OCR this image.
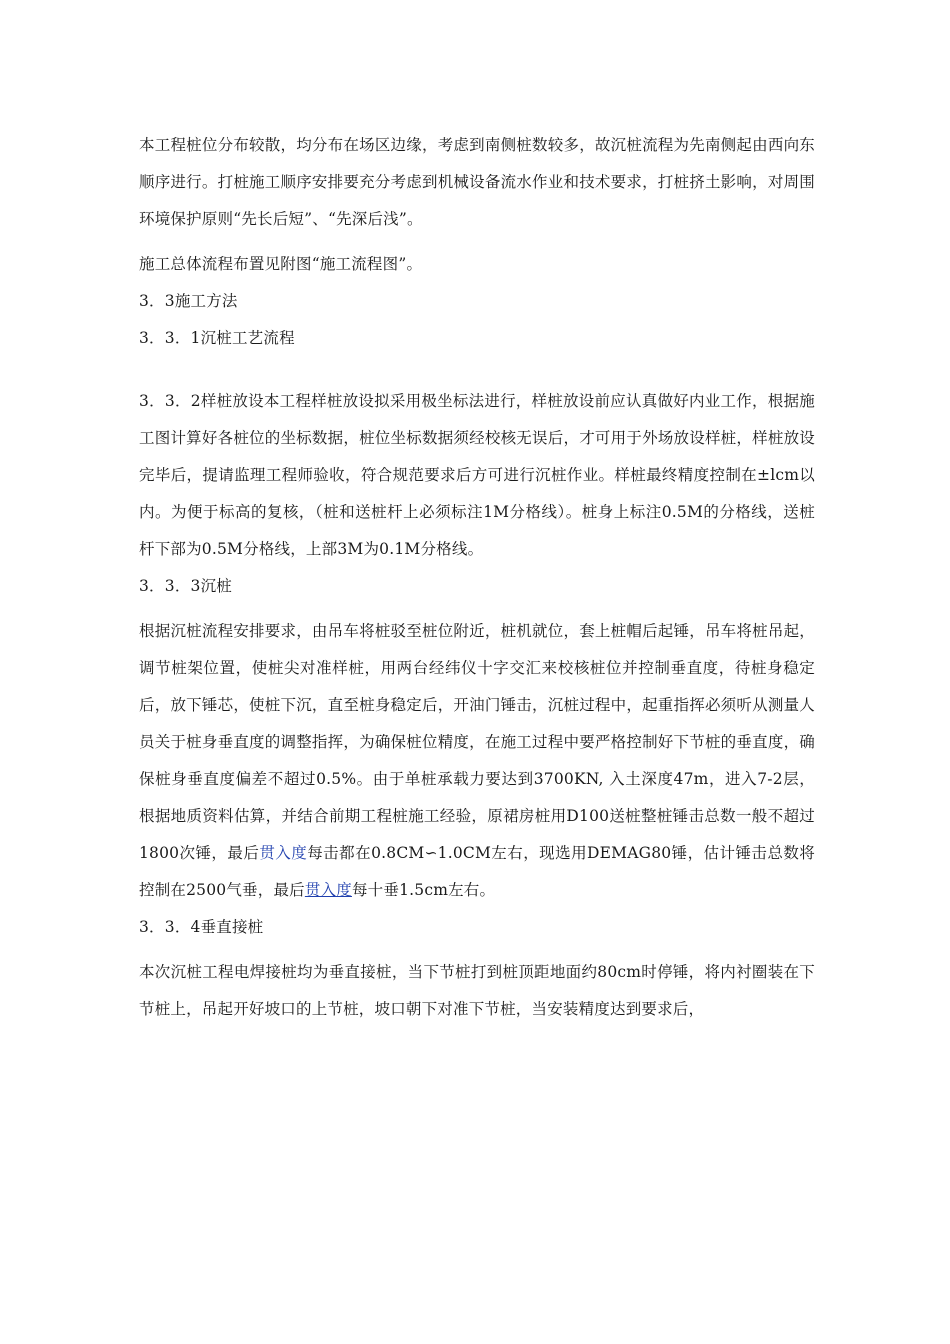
本工程桩位分布较散，均分布在场区边缘，考虑到南侧桩数较多，故沉桩流程为先南侧起由西向东顺序进行。打桩施工顺序安排要充分考虑到机械设备流水作业和技术要求，打桩挤土影响，对周围环境保护原则“先长后短”、“先深后浅”。

施工总体流程布置见附图“施工流程图”。

3．3施工方法

3．3．1沉桩工艺流程

3．3．2样桩放设本工程样桩放设拟采用极坐标法进行，样桩放设前应认真做好内业工作，根据施工图计算好各桩位的坐标数据，桩位坐标数据须经校核无误后，才可用于外场放设样桩，样桩放设完毕后，提请监理工程师验收，符合规范要求后方可进行沉桩作业。样桩最终精度控制在±lcm以内。为便于标高的复核，（桩和送桩杆上必须标注1M分格线）。桩身上标注0.5M的分格线，送桩杆下部为0.5M分格线，上部3M为0.1M分格线。

3．3．3沉桩

根据沉桩流程安排要求，由吊车将桩驳至桩位附近，桩机就位，套上桩帽后起锤，吊车将桩吊起，调节桩架位置，使桩尖对准样桩，用两台经纬仪十字交汇来校核桩位并控制垂直度，待桩身稳定后，放下锤芯，使桩下沉，直至桩身稳定后，开油门锤击，沉桩过程中，起重指挥必须听从测量人员关于桩身垂直度的调整指挥，为确保桩位精度，在施工过程中要严格控制好下节桩的垂直度，确保桩身垂直度偏差不超过0.5%。由于单桩承载力要达到3700KN, 入土深度47m，进入7-2层，根据地质资料估算，并结合前期工程桩施工经验，原裙房桩用D100送桩整桩锤击总数一般不超过1800次锤，最后贯入度每击都在0.8CM∽1.0CM左右，现选用DEMAG80锤，估计锤击总数将控制在2500气垂，最后贯入度每十垂1.5cm左右。

3．3．4垂直接桩

本次沉桩工程电焊接桩均为垂直接桩，当下节桩打到桩顶距地面约80cm时停锤，将内衬圈装在下节桩上，吊起开好坡口的上节桩，坡口朝下对准下节桩，当安装精度达到要求后，
